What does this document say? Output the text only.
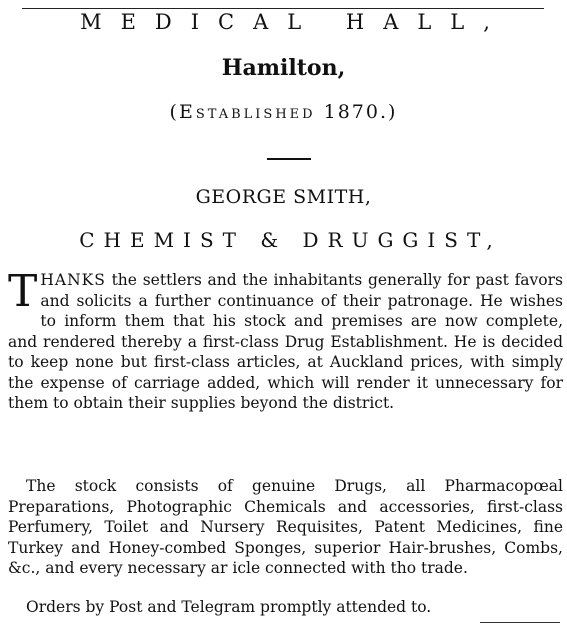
MEDICAL HALL,
Hamilton,
(Established 1870.)
GEORGE SMITH,
CHEMIST & DRUGGIST,

THANKS the settlers and the inhabitants generally for past favors and solicits a further continuance of their patronage. He wishes to inform them that his stock and premises are now complete, and rendered thereby a first-class Drug Establishment. He is decided to keep none but first-class articles, at Auckland prices, with simply the expense of carriage added, which will render it unnecessary for them to obtain their supplies beyond the district.

The stock consists of genuine Drugs, all Pharmacopœal Preparations, Photographic Chemicals and accessories, first-class Perfumery, Toilet and Nursery Requisites, Patent Medicines, fine Turkey and Honey-combed Sponges, superior Hair-brushes, Combs, &c., and every necessary ar icle connected with tho trade.

Orders by Post and Telegram promptly attended to.
